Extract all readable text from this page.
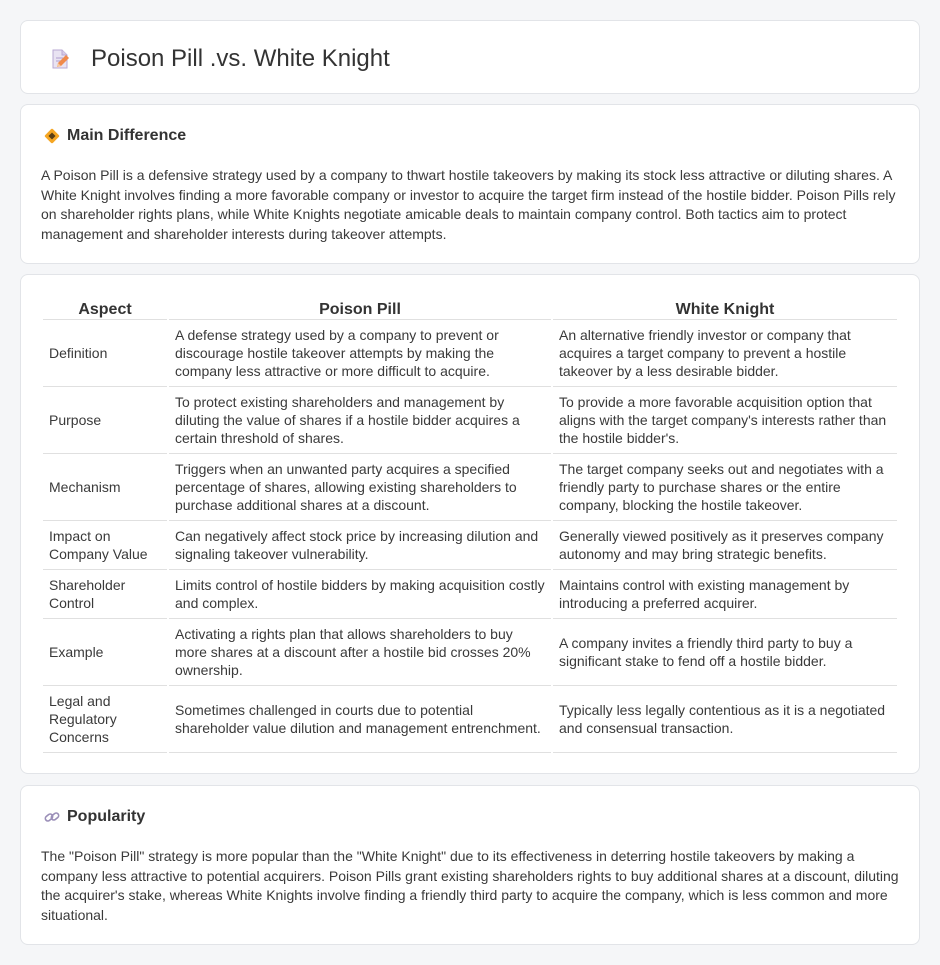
Poison Pill .vs. White Knight
Main Difference

A Poison Pill is a defensive strategy used by a company to thwart hostile takeovers by making its stock less attractive or diluting shares. A White Knight involves finding a more favorable company or investor to acquire the target firm instead of the hostile bidder. Poison Pills rely on shareholder rights plans, while White Knights negotiate amicable deals to maintain company control. Both tactics aim to protect management and shareholder interests during takeover attempts.

Aspect	Poison Pill	White Knight
Definition	A defense strategy used by a company to prevent or discourage hostile takeover attempts by making the company less attractive or more difficult to acquire.	An alternative friendly investor or company that acquires a target company to prevent a hostile takeover by a less desirable bidder.
Purpose	To protect existing shareholders and management by diluting the value of shares if a hostile bidder acquires a certain threshold of shares.	To provide a more favorable acquisition option that aligns with the target company's interests rather than the hostile bidder's.
Mechanism	Triggers when an unwanted party acquires a specified percentage of shares, allowing existing shareholders to purchase additional shares at a discount.	The target company seeks out and negotiates with a friendly party to purchase shares or the entire company, blocking the hostile takeover.
Impact on Company Value	Can negatively affect stock price by increasing dilution and signaling takeover vulnerability.	Generally viewed positively as it preserves company autonomy and may bring strategic benefits.
Shareholder Control	Limits control of hostile bidders by making acquisition costly and complex.	Maintains control with existing management by introducing a preferred acquirer.
Example	Activating a rights plan that allows shareholders to buy more shares at a discount after a hostile bid crosses 20% ownership.	A company invites a friendly third party to buy a significant stake to fend off a hostile bidder.
Legal and Regulatory Concerns	Sometimes challenged in courts due to potential shareholder value dilution and management entrenchment.	Typically less legally contentious as it is a negotiated and consensual transaction.
Popularity

The "Poison Pill" strategy is more popular than the "White Knight" due to its effectiveness in deterring hostile takeovers by making a company less attractive to potential acquirers. Poison Pills grant existing shareholders rights to buy additional shares at a discount, diluting the acquirer's stake, whereas White Knights involve finding a friendly third party to acquire the company, which is less common and more situational.
